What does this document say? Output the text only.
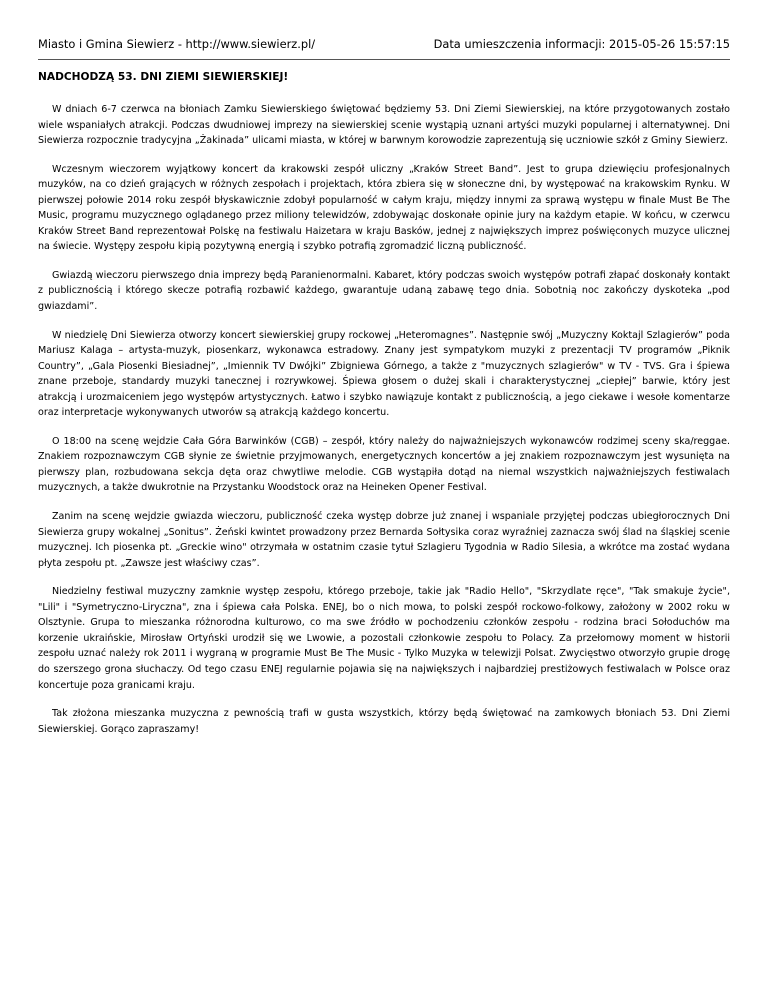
Miasto i Gmina Siewierz - http://www.siewierz.pl/	Data umieszczenia informacji: 2015-05-26 15:57:15
NADCHODZĄ 53. DNI ZIEMI SIEWIERSKIEJ!

W dniach 6-7 czerwca na błoniach Zamku Siewierskiego świętować będziemy 53. Dni Ziemi Siewierskiej, na które przygotowanych zostało wiele wspaniałych atrakcji. Podczas dwudniowej imprezy na siewierskiej scenie wystąpią uznani artyści muzyki popularnej i alternatywnej. Dni Siewierza rozpocznie tradycyjna „Żakinada” ulicami miasta, w której w barwnym korowodzie zaprezentują się uczniowie szkół z Gminy Siewierz.

Wczesnym wieczorem wyjątkowy koncert da krakowski zespół uliczny „Kraków Street Band”. Jest to grupa dziewięciu profesjonalnych muzyków, na co dzień grających w różnych zespołach i projektach, która zbiera się w słoneczne dni, by występować na krakowskim Rynku. W pierwszej połowie 2014 roku zespół błyskawicznie zdobył popularność w całym kraju, między innymi za sprawą występu w finale Must Be The Music, programu muzycznego oglądanego przez miliony telewidzów, zdobywając doskonałe opinie jury na każdym etapie. W końcu, w czerwcu Kraków Street Band reprezentował Polskę na festiwalu Haizetara w kraju Basków, jednej z największych imprez poświęconych muzyce ulicznej na świecie. Występy zespołu kipią pozytywną energią i szybko potrafią zgromadzić liczną publiczność.

Gwiazdą wieczoru pierwszego dnia imprezy będą Paranienormalni. Kabaret, który podczas swoich występów potrafi złapać doskonały kontakt z publicznością i którego skecze potrafią rozbawić każdego, gwarantuje udaną zabawę tego dnia. Sobotnią noc zakończy dyskoteka „pod gwiazdami”.

W niedzielę Dni Siewierza otworzy koncert siewierskiej grupy rockowej „Heteromagnes”. Następnie swój „Muzyczny Koktajl Szlagierów” poda Mariusz Kalaga – artysta-muzyk, piosenkarz, wykonawca estradowy. Znany jest sympatykom muzyki z prezentacji TV programów „Piknik Country”, „Gala Piosenki Biesiadnej”, „Imiennik TV Dwójki” Zbigniewa Górnego, a także z "muzycznych szlagierów" w TV - TVS. Gra i śpiewa znane przeboje, standardy muzyki tanecznej i rozrywkowej. Śpiewa głosem o dużej skali i charakterystycznej „ciepłej” barwie, który jest atrakcją i urozmaiceniem jego występów artystycznych. Łatwo i szybko nawiązuje kontakt z publicznością, a jego ciekawe i wesołe komentarze oraz interpretacje wykonywanych utworów są atrakcją każdego koncertu.

O 18:00 na scenę wejdzie Cała Góra Barwinków (CGB) – zespół, który należy do najważniejszych wykonawców rodzimej sceny ska/reggae. Znakiem rozpoznawczym CGB słynie ze świetnie przyjmowanych, energetycznych koncertów a jej znakiem rozpoznawczym jest wysunięta na pierwszy plan, rozbudowana sekcja dęta oraz chwytliwe melodie. CGB wystąpiła dotąd na niemal wszystkich najważniejszych festiwalach muzycznych, a także dwukrotnie na Przystanku Woodstock oraz na Heineken Opener Festival.

Zanim na scenę wejdzie gwiazda wieczoru, publiczność czeka występ dobrze już znanej i wspaniale przyjętej podczas ubiegłorocznych Dni Siewierza grupy wokalnej „Sonitus”. Żeński kwintet prowadzony przez Bernarda Sołtysika coraz wyraźniej zaznacza swój ślad na śląskiej scenie muzycznej. Ich piosenka pt. „Greckie wino" otrzymała w ostatnim czasie tytuł Szlagieru Tygodnia w Radio Silesia, a wkrótce ma zostać wydana płyta zespołu pt. „Zawsze jest właściwy czas”.

Niedzielny festiwal muzyczny zamknie występ zespołu, którego przeboje, takie jak "Radio Hello", "Skrzydlate ręce", "Tak smakuje życie", "Lili" i "Symetryczno-Liryczna", zna i śpiewa cała Polska. ENEJ, bo o nich mowa, to polski zespół rockowo-folkowy, założony w 2002 roku w Olsztynie. Grupa to mieszanka różnorodna kulturowo, co ma swe źródło w pochodzeniu członków zespołu - rodzina braci Sołoduchów ma korzenie ukraińskie, Mirosław Ortyński urodził się we Lwowie, a pozostali członkowie zespołu to Polacy. Za przełomowy moment w historii zespołu uznać należy rok 2011 i wygraną w programie Must Be The Music - Tylko Muzyka w telewizji Polsat. Zwycięstwo otworzyło grupie drogę do szerszego grona słuchaczy. Od tego czasu ENEJ regularnie pojawia się na największych i najbardziej prestiżowych festiwalach w Polsce oraz koncertuje poza granicami kraju.

Tak złożona mieszanka muzyczna z pewnością trafi w gusta wszystkich, którzy będą świętować na zamkowych błoniach 53. Dni Ziemi Siewierskiej. Gorąco zapraszamy!
